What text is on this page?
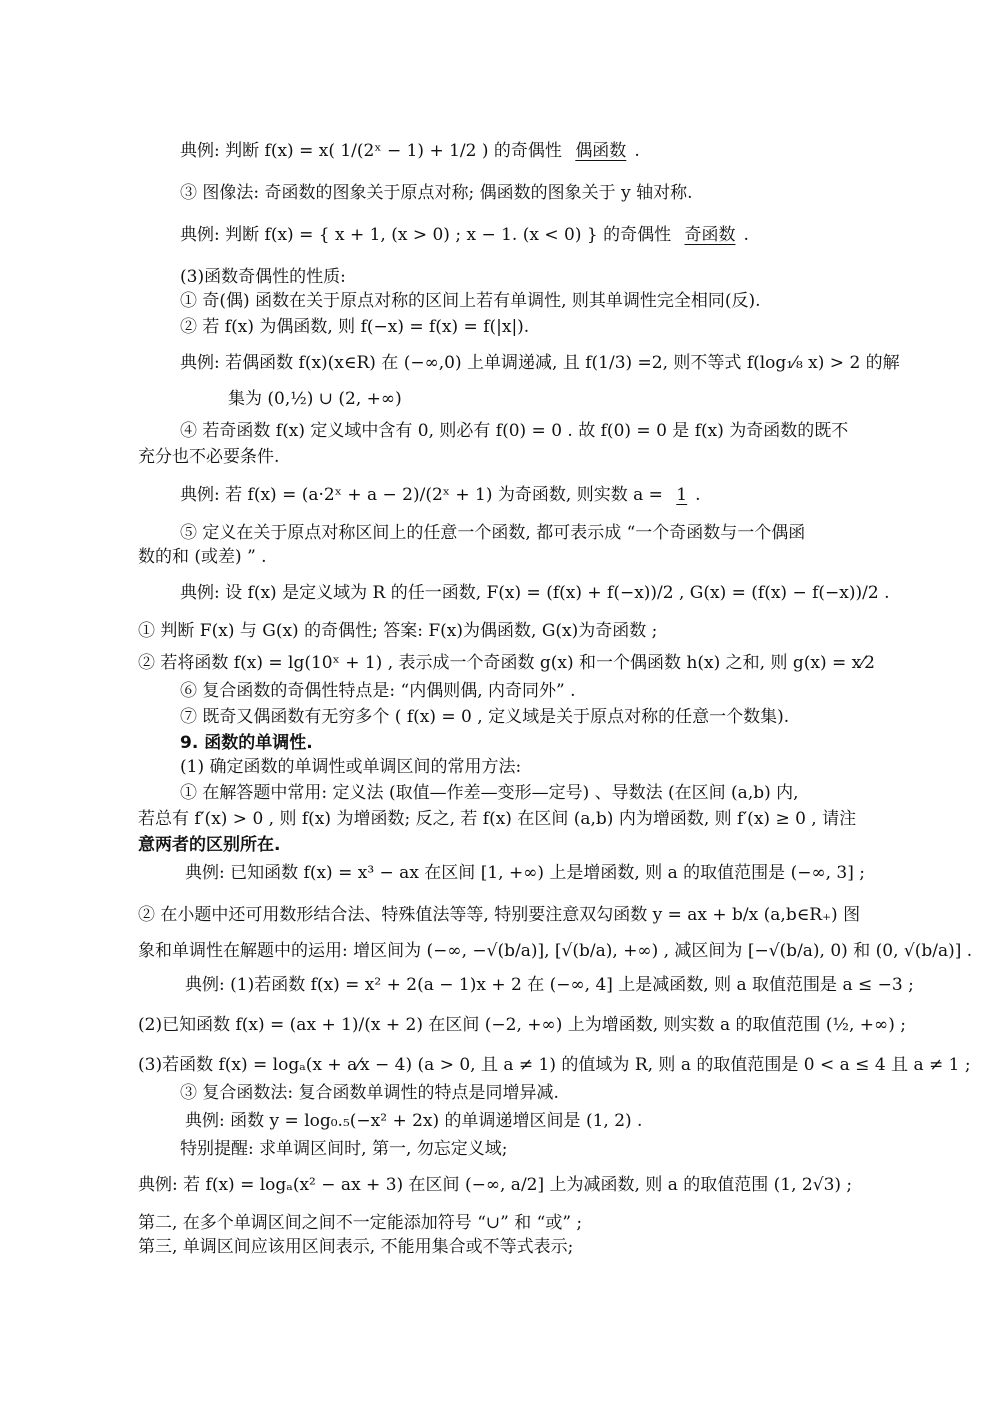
典例: 判断 f(x) = x( 1/(2ˣ − 1) + 1/2 ) 的奇偶性 偶函数 .
③ 图像法: 奇函数的图象关于原点对称; 偶函数的图象关于 y 轴对称.
典例: 判断 f(x) = { x + 1, (x > 0) ; x − 1. (x < 0) } 的奇偶性 奇函数 .
(3)函数奇偶性的性质:
① 奇(偶) 函数在关于原点对称的区间上若有单调性, 则其单调性完全相同(反).
② 若 f(x) 为偶函数, 则 f(−x) = f(x) = f(|x|).
典例: 若偶函数 f(x)(x∈R) 在 (−∞,0) 上单调递减, 且 f(1/3) =2, 则不等式 f(log₁⁄₈ x) > 2 的解
集为 (0,½) ∪ (2, +∞)
④ 若奇函数 f(x) 定义域中含有 0, 则必有 f(0) = 0 . 故 f(0) = 0 是 f(x) 为奇函数的既不
充分也不必要条件.
典例: 若 f(x) = (a·2ˣ + a − 2)/(2ˣ + 1) 为奇函数, 则实数 a = 1 .
⑤ 定义在关于原点对称区间上的任意一个函数, 都可表示成 “一个奇函数与一个偶函
数的和 (或差) ” .
典例: 设 f(x) 是定义域为 R 的任一函数, F(x) = (f(x) + f(−x))/2 , G(x) = (f(x) − f(−x))/2 .
① 判断 F(x) 与 G(x) 的奇偶性; 答案: F(x)为偶函数, G(x)为奇函数 ;
② 若将函数 f(x) = lg(10ˣ + 1) , 表示成一个奇函数 g(x) 和一个偶函数 h(x) 之和, 则 g(x) = x⁄2
⑥ 复合函数的奇偶性特点是: “内偶则偶, 内奇同外” .
⑦ 既奇又偶函数有无穷多个 ( f(x) = 0 , 定义域是关于原点对称的任意一个数集).
9. 函数的单调性.
(1) 确定函数的单调性或单调区间的常用方法:
① 在解答题中常用: 定义法 (取值—作差—变形—定号) 、导数法 (在区间 (a,b) 内,
若总有 f′(x) > 0 , 则 f(x) 为增函数; 反之, 若 f(x) 在区间 (a,b) 内为增函数, 则 f′(x) ≥ 0 , 请注
意两者的区别所在.
典例: 已知函数 f(x) = x³ − ax 在区间 [1, +∞) 上是增函数, 则 a 的取值范围是 (−∞, 3] ;
② 在小题中还可用数形结合法、特殊值法等等, 特别要注意双勾函数 y = ax + b/x (a,b∈R₊) 图
象和单调性在解题中的运用: 增区间为 (−∞, −√(b/a)], [√(b/a), +∞) , 减区间为 [−√(b/a), 0) 和 (0, √(b/a)] .
典例: (1)若函数 f(x) = x² + 2(a − 1)x + 2 在 (−∞, 4] 上是减函数, 则 a 取值范围是 a ≤ −3 ;
(2)已知函数 f(x) = (ax + 1)/(x + 2) 在区间 (−2, +∞) 上为增函数, 则实数 a 的取值范围 (½, +∞) ;
(3)若函数 f(x) = logₐ(x + a⁄x − 4) (a > 0, 且 a ≠ 1) 的值域为 R, 则 a 的取值范围是 0 < a ≤ 4 且 a ≠ 1 ;
③ 复合函数法: 复合函数单调性的特点是同增异减.
典例: 函数 y = log₀.₅(−x² + 2x) 的单调递增区间是 (1, 2) .
特别提醒: 求单调区间时, 第一, 勿忘定义域;
典例: 若 f(x) = logₐ(x² − ax + 3) 在区间 (−∞, a/2] 上为减函数, 则 a 的取值范围 (1, 2√3) ;
第二, 在多个单调区间之间不一定能添加符号 “∪” 和 “或” ;
第三, 单调区间应该用区间表示, 不能用集合或不等式表示;
